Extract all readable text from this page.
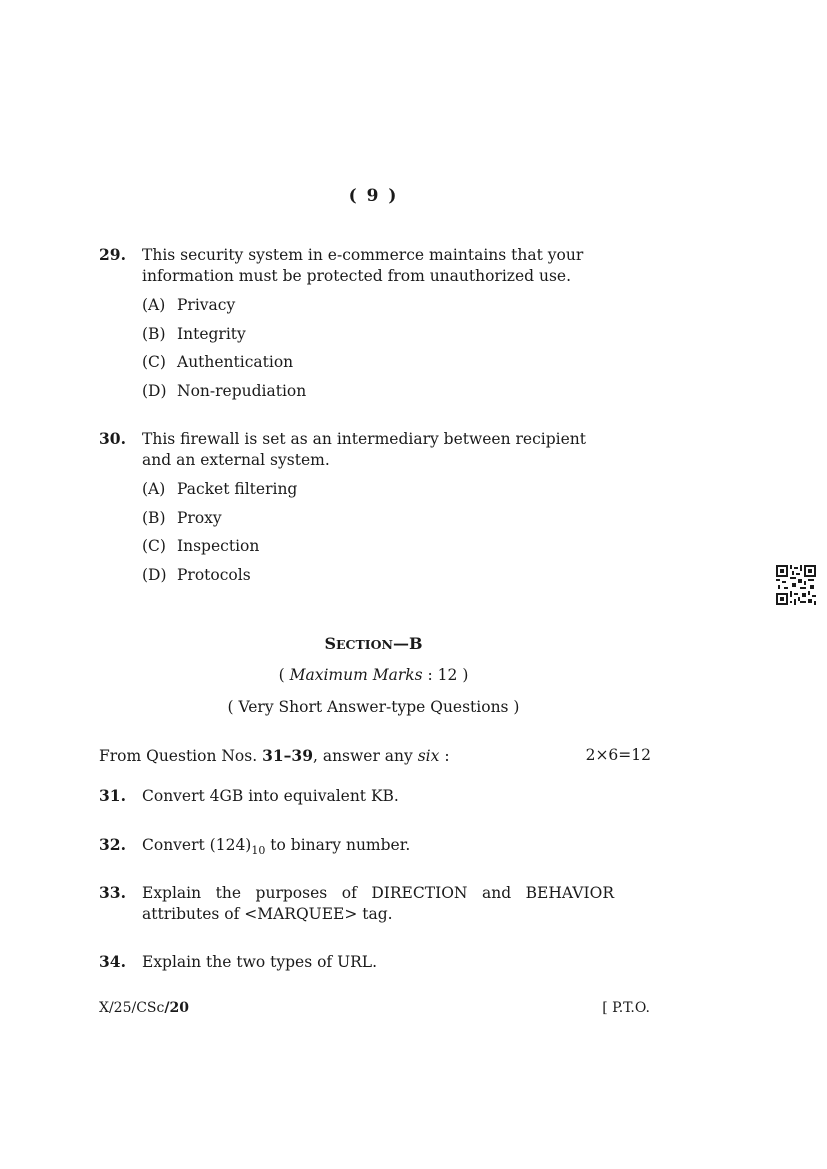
( 9 )
29. This security system in e-commerce maintains that your information must be protected from unauthorized use.
(A) Privacy
(B) Integrity
(C) Authentication
(D) Non-repudiation
30. This firewall is set as an intermediary between recipient and an external system.
(A) Packet filtering
(B) Proxy
(C) Inspection
(D) Protocols
SECTION—B
( Maximum Marks : 12 )
( Very Short Answer-type Questions )
From Question Nos. 31–39, answer any six :	2×6=12
31. Convert 4GB into equivalent KB.
32. Convert $(124)_{10}$ to binary number.
33. Explain the purposes of DIRECTION and BEHAVIOR attributes of <MARQUEE> tag.
34. Explain the two types of URL.
X/25/CSc/20	[ P.T.O.
